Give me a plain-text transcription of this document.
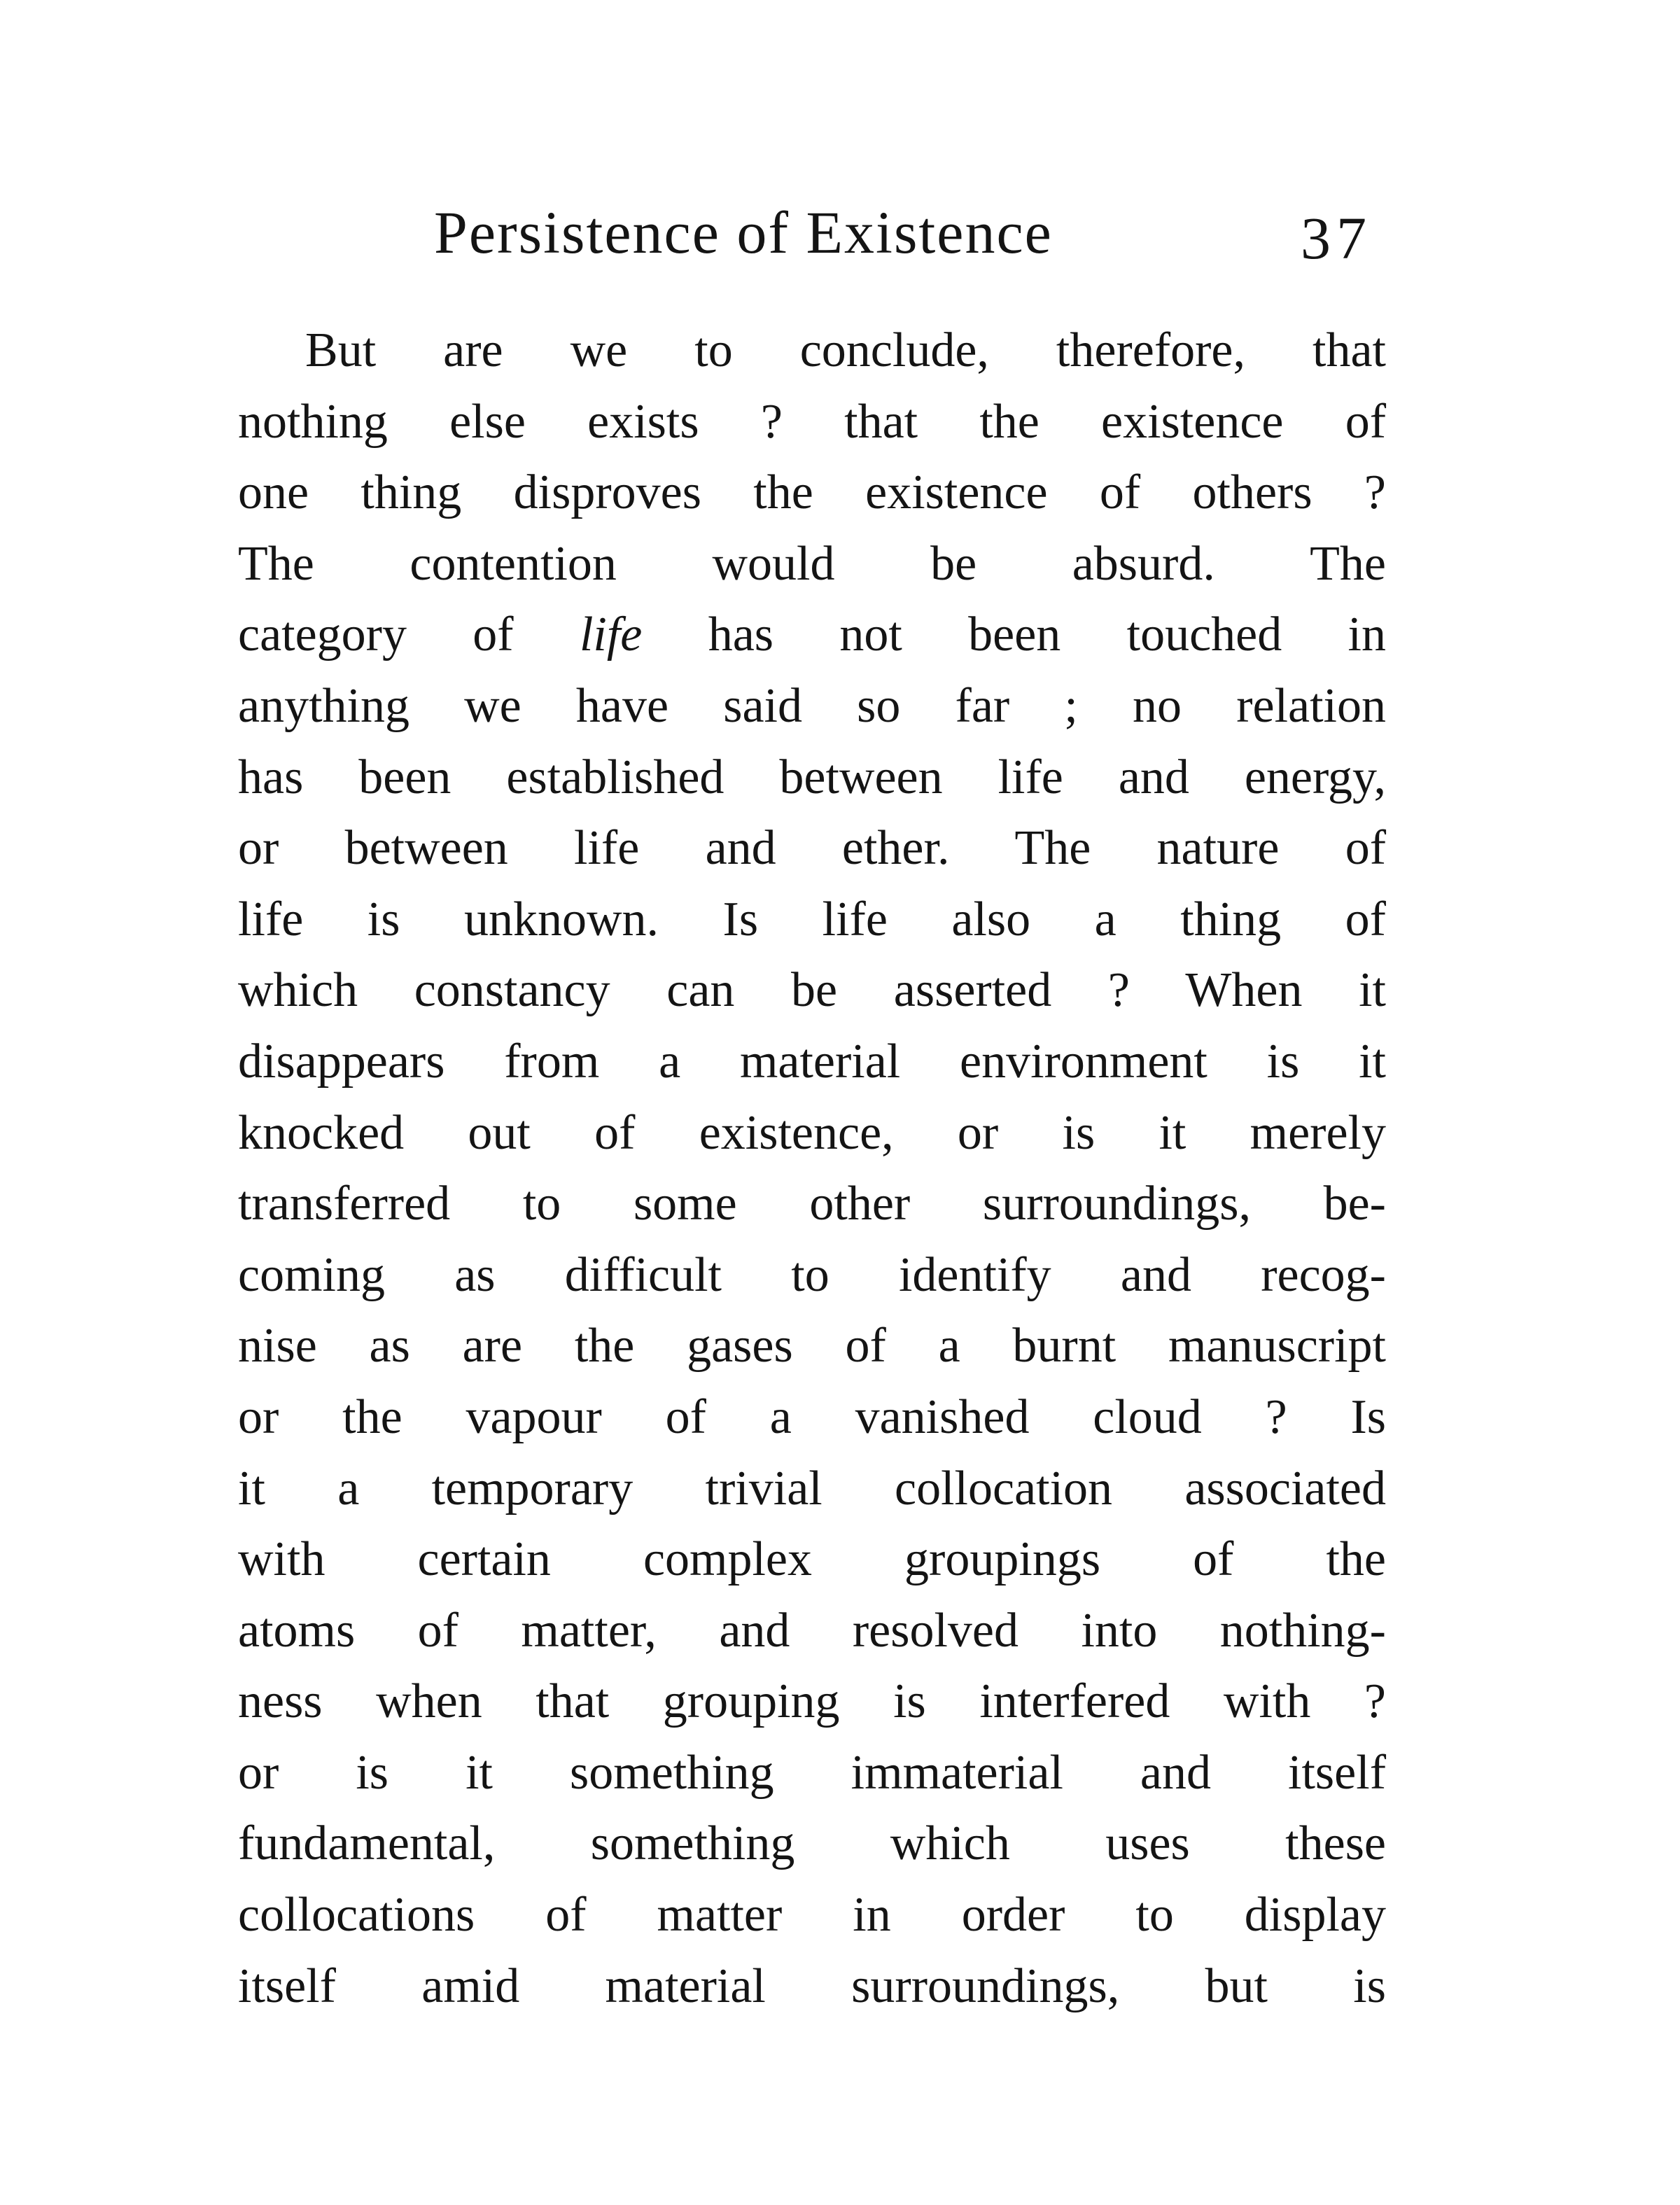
Persistence of Existence	37
But are we to conclude, therefore, that
nothing else exists ? that the existence of
one thing disproves the existence of others ?
The contention would be absurd. The
category of life has not been touched in
anything we have said so far ; no relation
has been established between life and energy,
or between life and ether. The nature of
life is unknown. Is life also a thing of
which constancy can be asserted ? When it
disappears from a material environment is it
knocked out of existence, or is it merely
transferred to some other surroundings, be-
coming as difficult to identify and recog-
nise as are the gases of a burnt manuscript
or the vapour of a vanished cloud ? Is
it a temporary trivial collocation associated
with certain complex groupings of the
atoms of matter, and resolved into nothing-
ness when that grouping is interfered with ?
or is it something immaterial and itself
fundamental, something which uses these
collocations of matter in order to display
itself amid material surroundings, but is
